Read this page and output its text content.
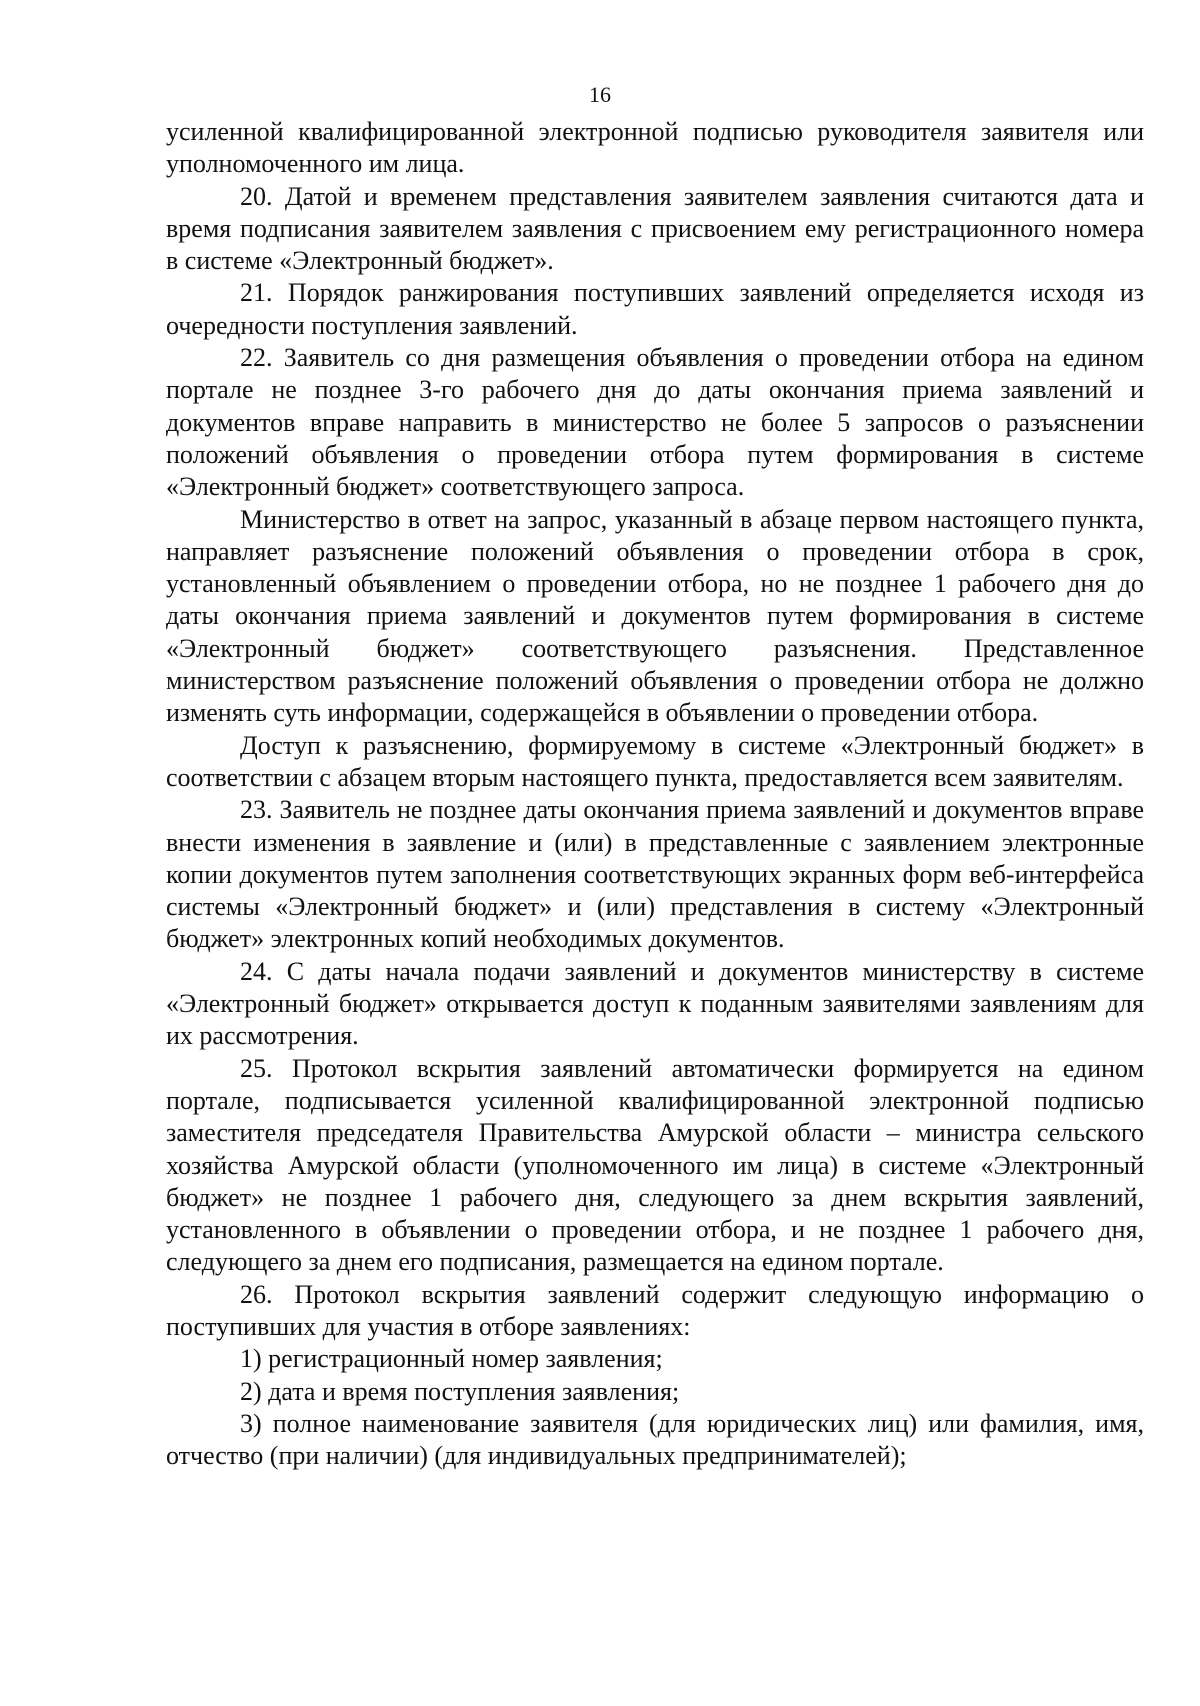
16

усиленной квалифицированной электронной подписью руководителя заявителя или уполномоченного им лица.

20. Датой и временем представления заявителем заявления считаются дата и время подписания заявителем заявления с присвоением ему регистрационного номера в системе «Электронный бюджет».

21. Порядок ранжирования поступивших заявлений определяется исходя из очередности поступления заявлений.

22. Заявитель со дня размещения объявления о проведении отбора на едином портале не позднее 3-го рабочего дня до даты окончания приема заявлений и документов вправе направить в министерство не более 5 запросов о разъяснении положений объявления о проведении отбора путем формирования в системе «Электронный бюджет» соответствующего запроса.

Министерство в ответ на запрос, указанный в абзаце первом настоящего пункта, направляет разъяснение положений объявления о проведении отбора в срок, установленный объявлением о проведении отбора, но не позднее 1 рабочего дня до даты окончания приема заявлений и документов путем формирования в системе «Электронный бюджет» соответствующего разъяснения. Представленное министерством разъяснение положений объявления о проведении отбора не должно изменять суть информации, содержащейся в объявлении о проведении отбора.

Доступ к разъяснению, формируемому в системе «Электронный бюджет» в соответствии с абзацем вторым настоящего пункта, предоставляется всем заявителям.

23. Заявитель не позднее даты окончания приема заявлений и документов вправе внести изменения в заявление и (или) в представленные с заявлением электронные копии документов путем заполнения соответствующих экранных форм веб-интерфейса системы «Электронный бюджет» и (или) представления в систему «Электронный бюджет» электронных копий необходимых документов.

24. С даты начала подачи заявлений и документов министерству в системе «Электронный бюджет» открывается доступ к поданным заявителями заявлениям для их рассмотрения.

25. Протокол вскрытия заявлений автоматически формируется на едином портале, подписывается усиленной квалифицированной электронной подписью заместителя председателя Правительства Амурской области – министра сельского хозяйства Амурской области (уполномоченного им лица) в системе «Электронный бюджет» не позднее 1 рабочего дня, следующего за днем вскрытия заявлений, установленного в объявлении о проведении отбора, и не позднее 1 рабочего дня, следующего за днем его подписания, размещается на едином портале.

26. Протокол вскрытия заявлений содержит следующую информацию о поступивших для участия в отборе заявлениях:

1) регистрационный номер заявления;

2) дата и время поступления заявления;

3) полное наименование заявителя (для юридических лиц) или фамилия, имя, отчество (при наличии) (для индивидуальных предпринимателей);
